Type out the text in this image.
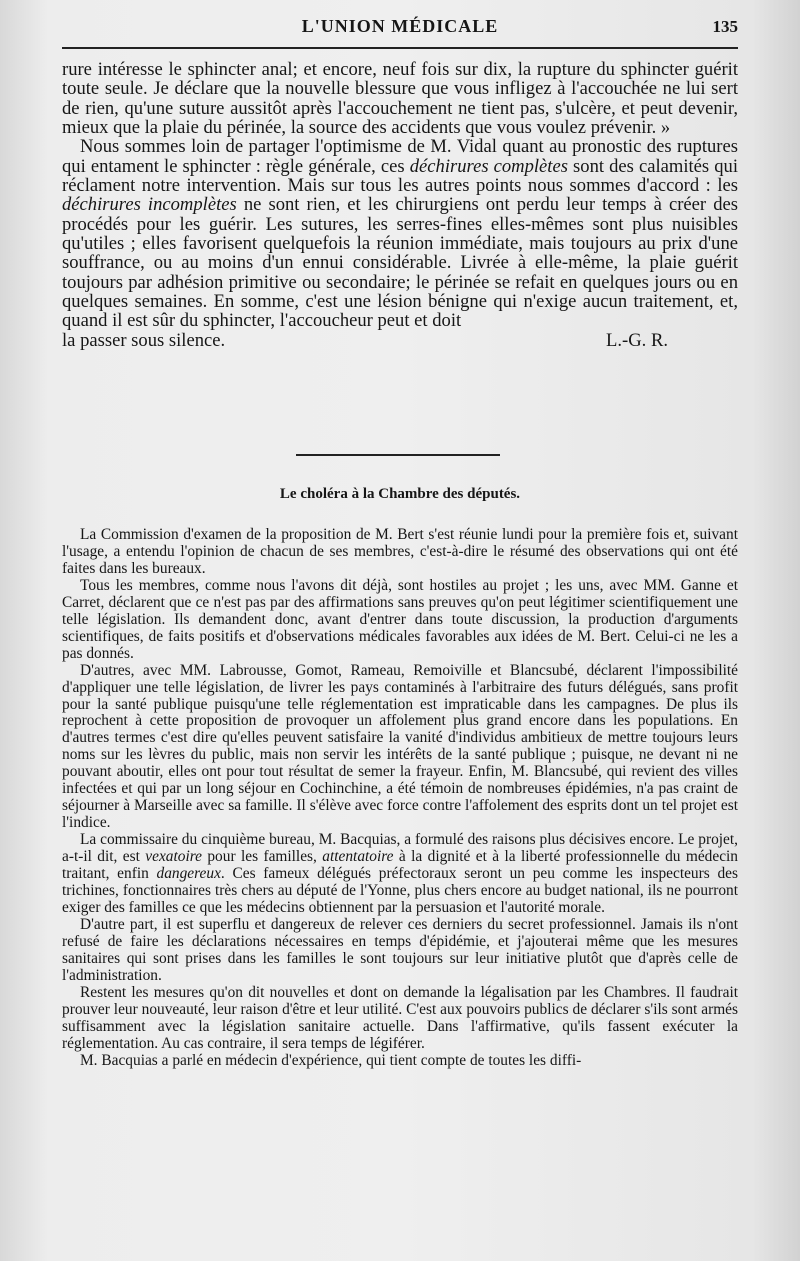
L'UNION MÉDICALE	135

rure intéresse le sphincter anal; et encore, neuf fois sur dix, la rupture du sphincter guérit toute seule. Je déclare que la nouvelle blessure que vous infligez à l'accouchée ne lui sert de rien, qu'une suture aussitôt après l'accouchement ne tient pas, s'ulcère, et peut devenir, mieux que la plaie du périnée, la source des accidents que vous voulez prévenir. »

Nous sommes loin de partager l'optimisme de M. Vidal quant au pronostic des ruptures qui entament le sphincter : règle générale, ces déchirures complètes sont des calamités qui réclament notre intervention. Mais sur tous les autres points nous sommes d'accord : les déchirures incomplètes ne sont rien, et les chirurgiens ont perdu leur temps à créer des procédés pour les guérir. Les sutures, les serres-fines elles-mêmes sont plus nuisibles qu'utiles ; elles favorisent quelquefois la réunion immédiate, mais toujours au prix d'une souffrance, ou au moins d'un ennui considérable. Livrée à elle-même, la plaie guérit toujours par adhésion primitive ou secondaire; le périnée se refait en quelques jours ou en quelques semaines. En somme, c'est une lésion bénigne qui n'exige aucun traitement, et, quand il est sûr du sphincter, l'accoucheur peut et doit

la passer sous silence.	L.-G. R.
Le choléra à la Chambre des députés.

La Commission d'examen de la proposition de M. Bert s'est réunie lundi pour la première fois et, suivant l'usage, a entendu l'opinion de chacun de ses membres, c'est-à-dire le résumé des observations qui ont été faites dans les bureaux.

Tous les membres, comme nous l'avons dit déjà, sont hostiles au projet ; les uns, avec MM. Ganne et Carret, déclarent que ce n'est pas par des affirmations sans preuves qu'on peut légitimer scientifiquement une telle législation. Ils demandent donc, avant d'entrer dans toute discussion, la production d'arguments scientifiques, de faits positifs et d'observations médicales favorables aux idées de M. Bert. Celui-ci ne les a pas donnés.

D'autres, avec MM. Labrousse, Gomot, Rameau, Remoiville et Blancsubé, déclarent l'impossibilité d'appliquer une telle législation, de livrer les pays contaminés à l'arbitraire des futurs délégués, sans profit pour la santé publique puisqu'une telle réglementation est impraticable dans les campagnes. De plus ils reprochent à cette proposition de provoquer un affolement plus grand encore dans les populations. En d'autres termes c'est dire qu'elles peuvent satisfaire la vanité d'individus ambitieux de mettre toujours leurs noms sur les lèvres du public, mais non servir les intérêts de la santé publique ; puisque, ne devant ni ne pouvant aboutir, elles ont pour tout résultat de semer la frayeur. Enfin, M. Blancsubé, qui revient des villes infectées et qui par un long séjour en Cochinchine, a été témoin de nombreuses épidémies, n'a pas craint de séjourner à Marseille avec sa famille. Il s'élève avec force contre l'affolement des esprits dont un tel projet est l'indice.

La commissaire du cinquième bureau, M. Bacquias, a formulé des raisons plus décisives encore. Le projet, a-t-il dit, est vexatoire pour les familles, attentatoire à la dignité et à la liberté professionnelle du médecin traitant, enfin dangereux. Ces fameux délégués préfectoraux seront un peu comme les inspecteurs des trichines, fonctionnaires très chers au député de l'Yonne, plus chers encore au budget national, ils ne pourront exiger des familles ce que les médecins obtiennent par la persuasion et l'autorité morale.

D'autre part, il est superflu et dangereux de relever ces derniers du secret professionnel. Jamais ils n'ont refusé de faire les déclarations nécessaires en temps d'épidémie, et j'ajouterai même que les mesures sanitaires qui sont prises dans les familles le sont toujours sur leur initiative plutôt que d'après celle de l'administration.

Restent les mesures qu'on dit nouvelles et dont on demande la légalisation par les Chambres. Il faudrait prouver leur nouveauté, leur raison d'être et leur utilité. C'est aux pouvoirs publics de déclarer s'ils sont armés suffisamment avec la législation sanitaire actuelle. Dans l'affirmative, qu'ils fassent exécuter la réglementation. Au cas contraire, il sera temps de légiférer.

M. Bacquias a parlé en médecin d'expérience, qui tient compte de toutes les diffi-
